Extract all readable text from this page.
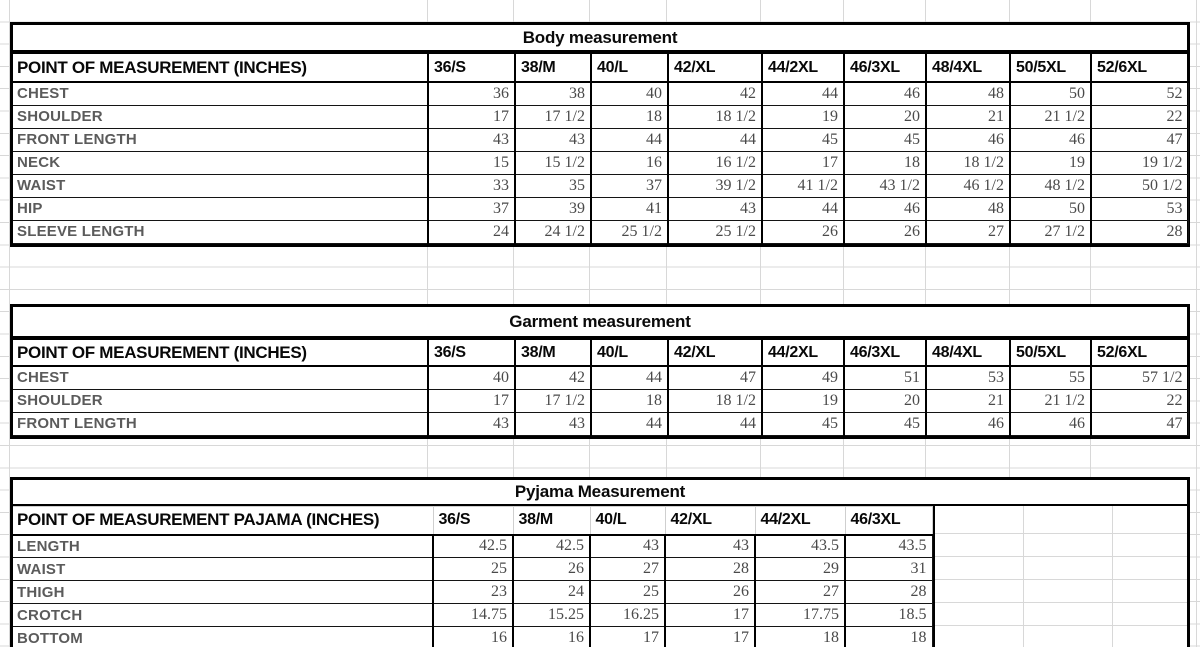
Body measurement
POINT OF MEASUREMENT (INCHES)	36/S	38/M	40/L	42/XL	44/2XL	46/3XL	48/4XL	50/5XL	52/6XL
CHEST	36	38	40	42	44	46	48	50	52
SHOULDER	17	17 1/2	18	18 1/2	19	20	21	21 1/2	22
FRONT LENGTH	43	43	44	44	45	45	46	46	47
NECK	15	15 1/2	16	16 1/2	17	18	18 1/2	19	19 1/2
WAIST	33	35	37	39 1/2	41 1/2	43 1/2	46 1/2	48 1/2	50 1/2
HIP	37	39	41	43	44	46	48	50	53
SLEEVE LENGTH	24	24 1/2	25 1/2	25 1/2	26	26	27	27 1/2	28
Garment measurement
POINT OF MEASUREMENT (INCHES)	36/S	38/M	40/L	42/XL	44/2XL	46/3XL	48/4XL	50/5XL	52/6XL
CHEST	40	42	44	47	49	51	53	55	57 1/2
SHOULDER	17	17 1/2	18	18 1/2	19	20	21	21 1/2	22
FRONT LENGTH	43	43	44	44	45	45	46	46	47
Pyjama Measurement
POINT OF MEASUREMENT PAJAMA (INCHES)	36/S	38/M	40/L	42/XL	44/2XL	46/3XL
LENGTH	42.5	42.5	43	43	43.5	43.5
WAIST	25	26	27	28	29	31
THIGH	23	24	25	26	27	28
CROTCH	14.75	15.25	16.25	17	17.75	18.5
BOTTOM	16	16	17	17	18	18
